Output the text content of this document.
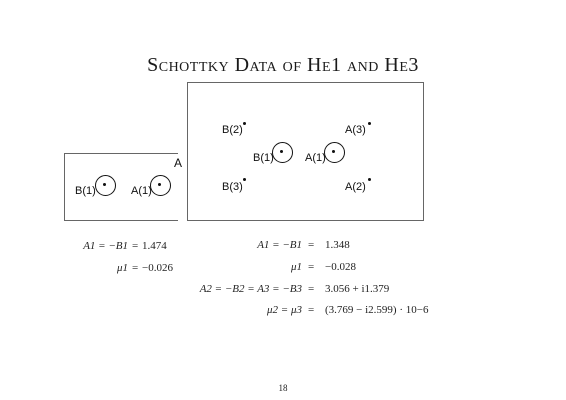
Schottky Data of He1 and He3
A
B(1)	A(1)
B(2)	A(3)
B(1)	A(1)
B(3)	A(2)
A1 = −B1 = 1.474
μ1 = −0.026
A1 = −B1 = 1.348
μ1 = −0.028
A2 = −B2 = A3 = −B3 = 3.056 + i1.379
μ2 = μ3 = (3.769 − i2.599) · 10−6
18
